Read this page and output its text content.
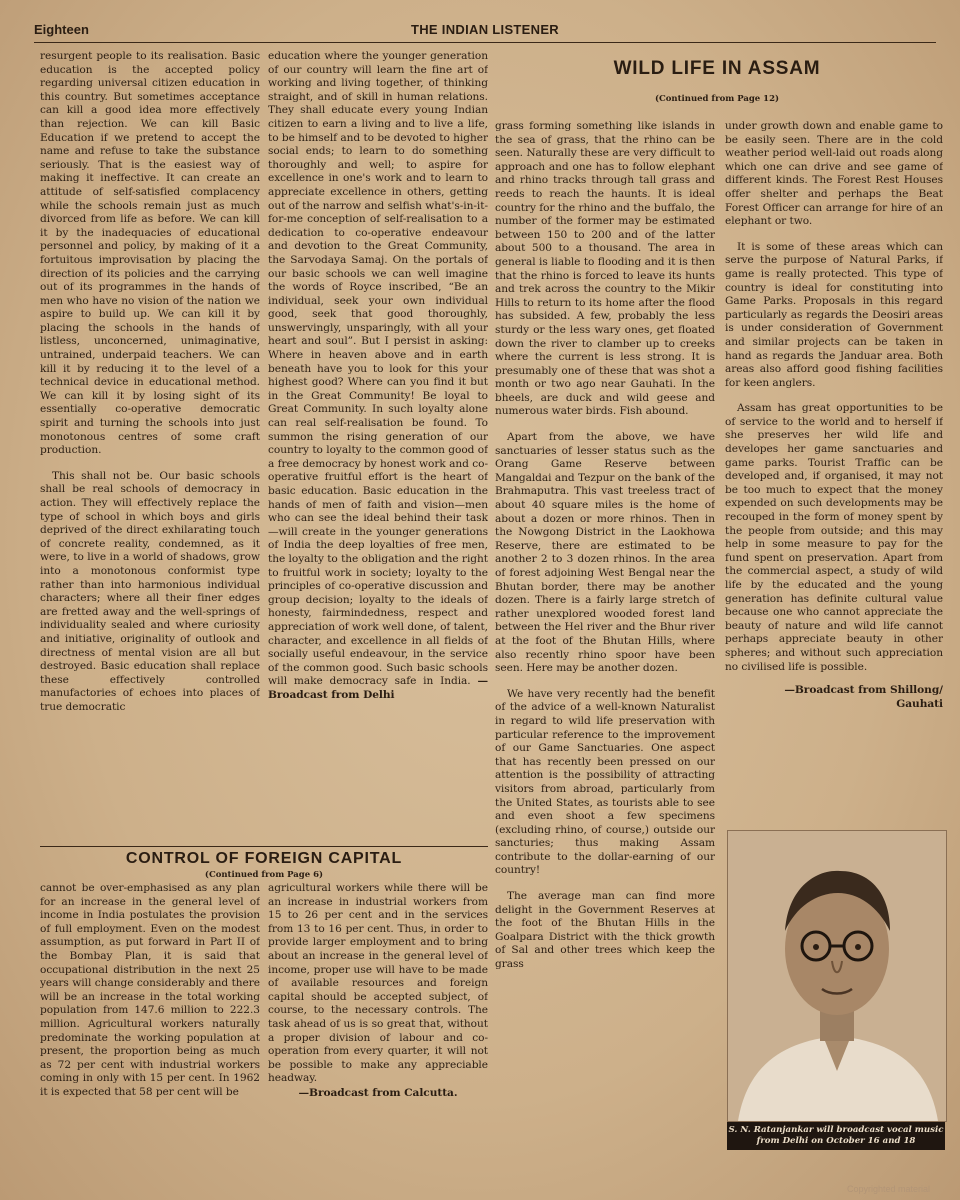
Eighteen	THE INDIAN LISTENER

resurgent people to its realisation. Basic education is the accepted policy regarding universal citizen education in this country. But sometimes acceptance can kill a good idea more effectively than rejection. We can kill Basic Education if we pretend to accept the name and refuse to take the substance seriously. That is the easiest way of making it ineffective. It can create an attitude of self-satisfied complacency while the schools remain just as much divorced from life as before. We can kill it by the inadequacies of educational personnel and policy, by making of it a fortuitous improvisation by placing the direction of its policies and the carrying out of its programmes in the hands of men who have no vision of the nation we aspire to build up. We can kill it by placing the schools in the hands of listless, unconcerned, unimaginative, untrained, underpaid teachers. We can kill it by reducing it to the level of a technical device in educational method. We can kill it by losing sight of its essentially co-operative democratic spirit and turning the schools into just monotonous centres of some craft production.

This shall not be. Our basic schools shall be real schools of democracy in action. They will effectively replace the type of school in which boys and girls deprived of the direct exhilarating touch of concrete reality, condemned, as it were, to live in a world of shadows, grow into a monotonous conformist type rather than into harmonious individual characters; where all their finer edges are fretted away and the well-springs of individuality sealed and where curiosity and initiative, originality of outlook and directness of mental vision are all but destroyed. Basic education shall replace these effectively controlled manufactories of echoes into places of true democratic

education where the younger generation of our country will learn the fine art of working and living together, of thinking straight, and of skill in human relations. They shall educate every young Indian citizen to earn a living and to live a life, to be himself and to be devoted to higher social ends; to learn to do something thoroughly and well; to aspire for excellence in one's work and to learn to appreciate excellence in others, getting out of the narrow and selfish what's-in-it-for-me conception of self-realisation to a dedication to co-operative endeavour and devotion to the Great Community, the Sarvodaya Samaj. On the portals of our basic schools we can well imagine the words of Royce inscribed, “Be an individual, seek your own individual good, seek that good thoroughly, unswervingly, unsparingly, with all your heart and soul”. But I persist in asking: Where in heaven above and in earth beneath have you to look for this your highest good? Where can you find it but in the Great Community! Be loyal to Great Community. In such loyalty alone can real self-realisation be found. To summon the rising generation of our country to loyalty to the common good of a free democracy by honest work and co-operative fruitful effort is the heart of basic education. Basic education in the hands of men of faith and vision—men who can see the ideal behind their task—will create in the younger generations of India the deep loyalties of free men, the loyalty to the obligation and the right to fruitful work in society; loyalty to the principles of co-operative discussion and group decision; loyalty to the ideals of honesty, fairmindedness, respect and appreciation of work well done, of talent, character, and excellence in all fields of socially useful endeavour, in the service of the common good. Such basic schools will make democracy safe in India. —Broadcast from Delhi

CONTROL OF FOREIGN CAPITAL
(Continued from Page 6)

cannot be over-emphasised as any plan for an increase in the general level of income in India postulates the provision of full employment. Even on the modest assumption, as put forward in Part II of the Bombay Plan, it is said that occupational distribution in the next 25 years will change considerably and there will be an increase in the total working population from 147.6 million to 222.3 million. Agricultural workers naturally predominate the working population at present, the proportion being as much as 72 per cent with industrial workers coming in only with 15 per cent. In 1962 it is expected that 58 per cent will be

agricultural workers while there will be an increase in industrial workers from 15 to 26 per cent and in the services from 13 to 16 per cent. Thus, in order to provide larger employment and to bring about an increase in the general level of income, proper use will have to be made of available resources and foreign capital should be accepted subject, of course, to the necessary controls. The task ahead of us is so great that, without a proper division of labour and co-operation from every quarter, it will not be possible to make any appreciable headway.

—Broadcast from Calcutta.

WILD LIFE IN ASSAM
(Continued from Page 12)

grass forming something like islands in the sea of grass, that the rhino can be seen. Naturally these are very difficult to approach and one has to follow elephant and rhino tracks through tall grass and reeds to reach the haunts. It is ideal country for the rhino and the buffalo, the number of the former may be estimated between 150 to 200 and of the latter about 500 to a thousand. The area in general is liable to flooding and it is then that the rhino is forced to leave its hunts and trek across the country to the Mikir Hills to return to its home after the flood has subsided. A few, probably the less sturdy or the less wary ones, get floated down the river to clamber up to creeks where the current is less strong. It is presumably one of these that was shot a month or two ago near Gauhati. In the bheels, are duck and wild geese and numerous water birds. Fish abound.

Apart from the above, we have sanctuaries of lesser status such as the Orang Game Reserve between Mangaldai and Tezpur on the bank of the Brahmaputra. This vast treeless tract of about 40 square miles is the home of about a dozen or more rhinos. Then in the Nowgong District in the Laokhowa Reserve, there are estimated to be another 2 to 3 dozen rhinos. In the area of forest adjoining West Bengal near the Bhutan border, there may be another dozen. There is a fairly large stretch of rather unexplored wooded forest land between the Hel river and the Bhur river at the foot of the Bhutan Hills, where also recently rhino spoor have been seen. Here may be another dozen.

We have very recently had the benefit of the advice of a well-known Naturalist in regard to wild life preservation with particular reference to the improvement of our Game Sanctuaries. One aspect that has recently been pressed on our attention is the possibility of attracting visitors from abroad, particularly from the United States, as tourists able to see and even shoot a few specimens (excluding rhino, of course,) outside our sancturies; thus making Assam contribute to the dollar-earning of our country!

The average man can find more delight in the Government Reserves at the foot of the Bhutan Hills in the Goalpara District with the thick growth of Sal and other trees which keep the grass

under growth down and enable game to be easily seen. There are in the cold weather period well-laid out roads along which one can drive and see game of different kinds. The Forest Rest Houses offer shelter and perhaps the Beat Forest Officer can arrange for hire of an elephant or two.

It is some of these areas which can serve the purpose of Natural Parks, if game is really protected. This type of country is ideal for constituting into Game Parks. Proposals in this regard particularly as regards the Deosiri areas is under consideration of Government and similar projects can be taken in hand as regards the Janduar area. Both areas also afford good fishing facilities for keen anglers.

Assam has great opportunities to be of service to the world and to herself if she preserves her wild life and developes her game sanctuaries and game parks. Tourist Traffic can be developed and, if organised, it may not be too much to expect that the money expended on such developments may be recouped in the form of money spent by the people from outside; and this may help in some measure to pay for the fund spent on preservation. Apart from the commercial aspect, a study of wild life by the educated and the young generation has definite cultural value because one who cannot appreciate the beauty of nature and wild life cannot perhaps appreciate beauty in other spheres; and without such appreciation no civilised life is possible.

—Broadcast from Shillong/
Gauhati
S. N. Ratanjankar will broadcast vocal music from Delhi on October 16 and 18
Copyrighted material
